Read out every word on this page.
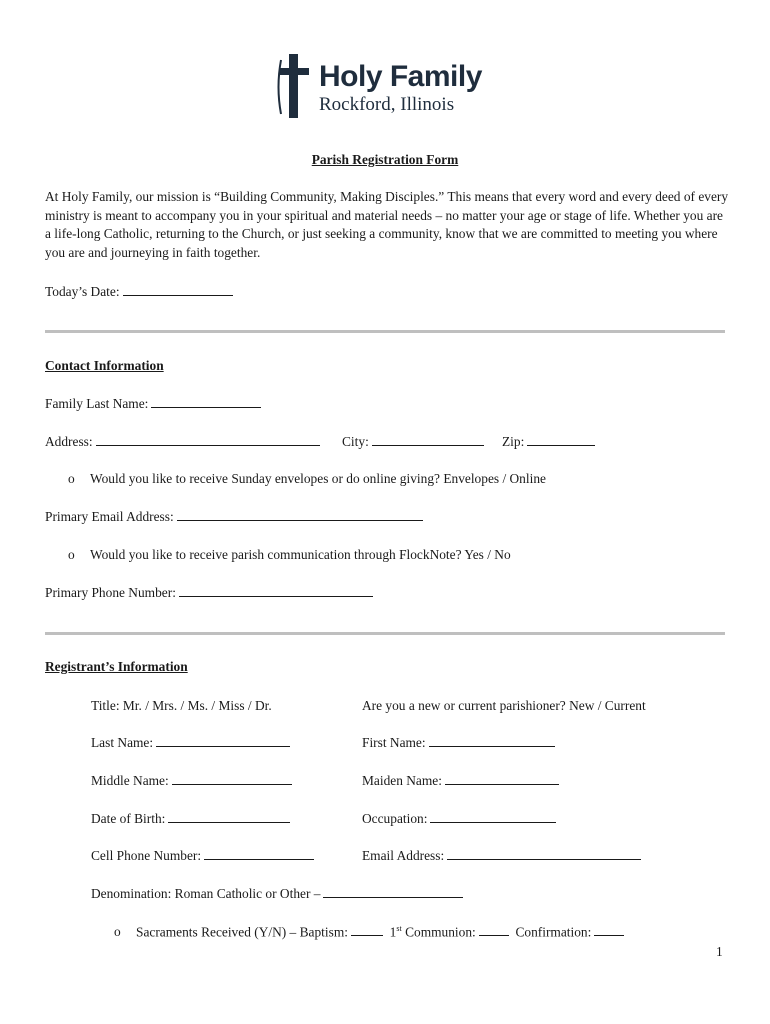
Holy Family
Rockford, Illinois
Parish Registration Form
At Holy Family, our mission is “Building Community, Making Disciples.” This means that every word and every deed of every ministry is meant to accompany you in your spiritual and material needs – no matter your age or stage of life. Whether you are a life-long Catholic, returning to the Church, or just seeking a community, know that we are committed to meeting you where you are and journeying in faith together.
Today’s Date:
Contact Information
Family Last Name:
Address:	City:	Zip:
o Would you like to receive Sunday envelopes or do online giving? Envelopes / Online
Primary Email Address:
o Would you like to receive parish communication through FlockNote? Yes / No
Primary Phone Number:
Registrant’s Information
Title: Mr. / Mrs. / Ms. / Miss / Dr.	Are you a new or current parishioner? New / Current
Last Name:	First Name:
Middle Name:	Maiden Name:
Date of Birth:	Occupation:
Cell Phone Number:	Email Address:
Denomination: Roman Catholic or Other –
o Sacraments Received (Y/N) – Baptism:	1st Communion:	Confirmation:
1
